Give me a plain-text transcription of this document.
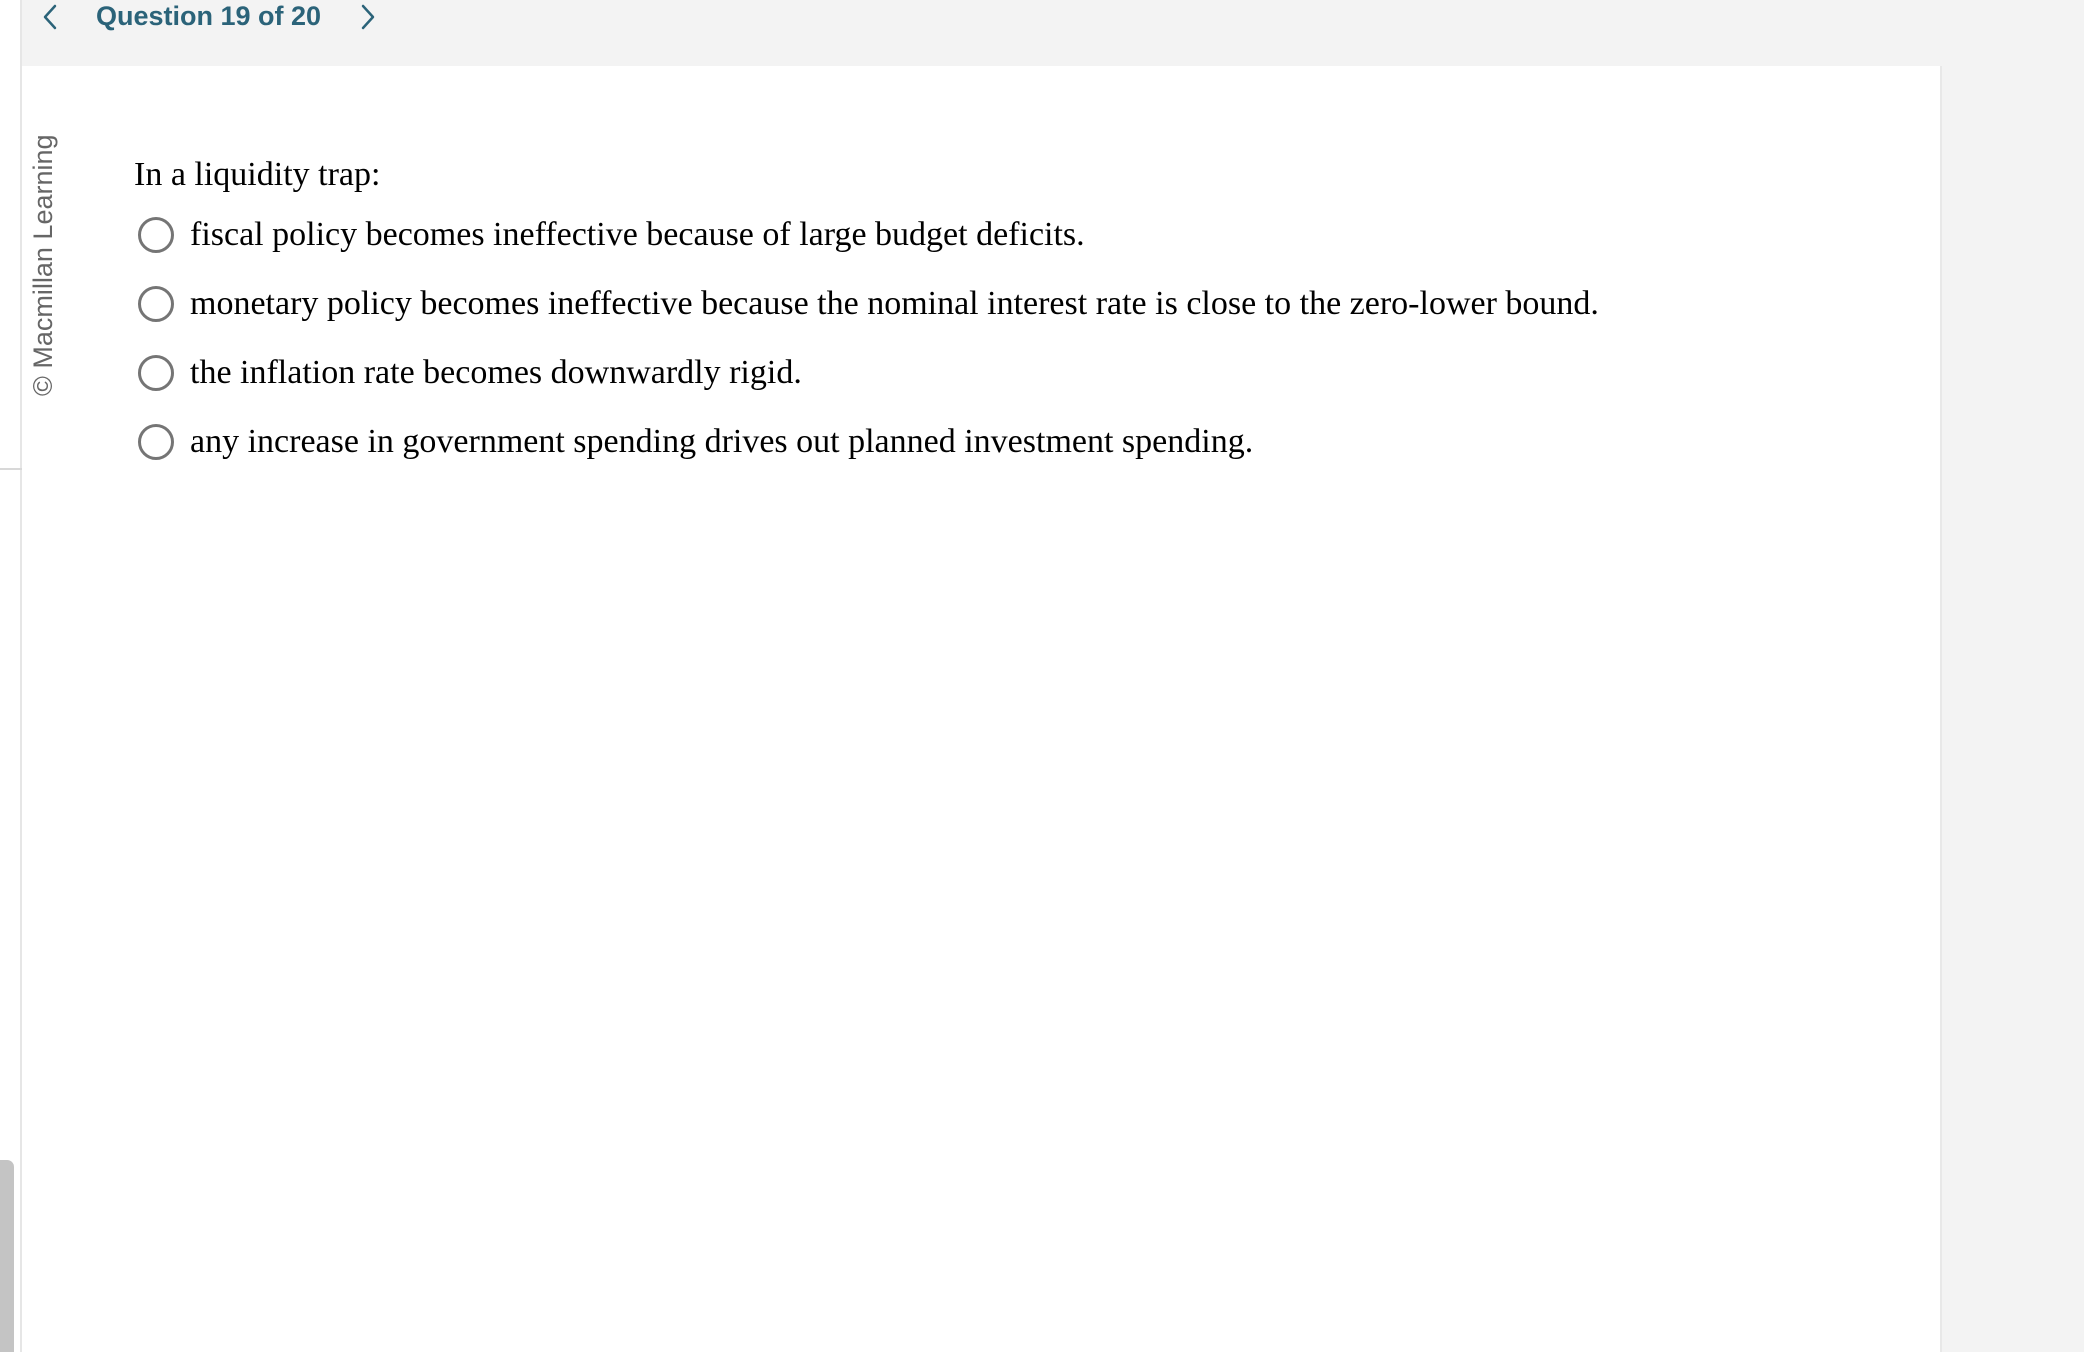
Question 19 of 20
© Macmillan Learning In a liquidity trap:
fiscal policy becomes ineffective because of large budget deficits.
monetary policy becomes ineffective because the nominal interest rate is close to the zero-lower bound.
the inflation rate becomes downwardly rigid.
any increase in government spending drives out planned investment spending.
